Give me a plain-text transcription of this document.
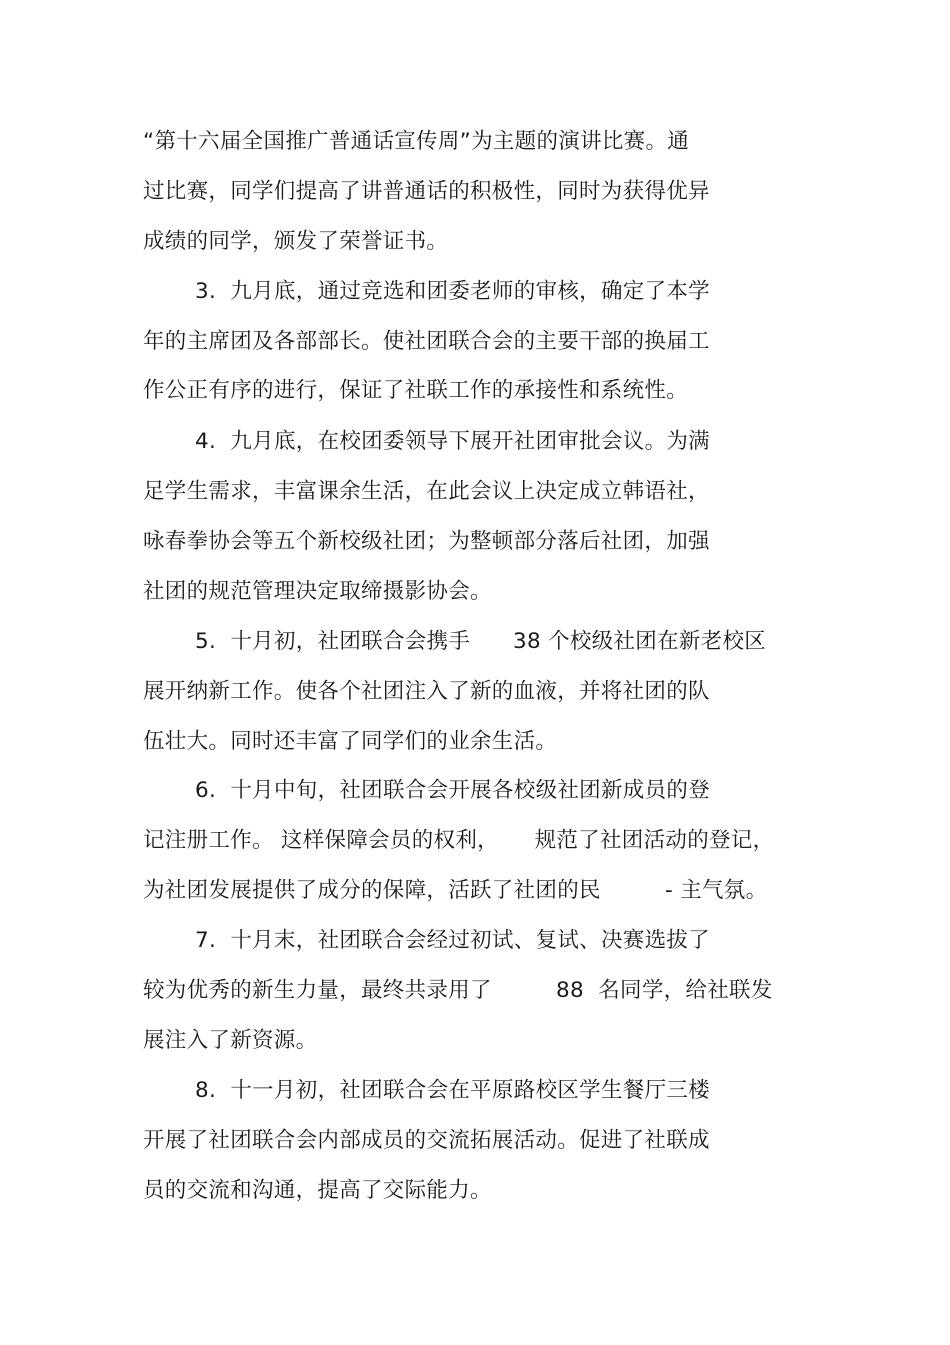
“第十六届全国推广普通话宣传周”为主题的演讲比赛。通
过比赛，同学们提高了讲普通话的积极性，同时为获得优异
成绩的同学，颁发了荣誉证书。
3.  九月底，通过竞选和团委老师的审核，确定了本学
年的主席团及各部部长。使社团联合会的主要干部的换届工
作公正有序的进行，保证了社联工作的承接性和系统性。
4.  九月底，在校团委领导下展开社团审批会议。为满
足学生需求，丰富课余生活，在此会议上决定成立韩语社，
咏春拳协会等五个新校级社团；为整顿部分落后社团，加强
社团的规范管理决定取缔摄影协会。
5.  十月初，社团联合会携手      38 个校级社团在新老校区
展开纳新工作。使各个社团注入了新的血液，并将社团的队
伍壮大。同时还丰富了同学们的业余生活。
6.  十月中旬，社团联合会开展各校级社团新成员的登
记注册工作。 这样保障会员的权利，     规范了社团活动的登记，
为社团发展提供了成分的保障，活跃了社团的民         - 主气氛。
7.  十月末，社团联合会经过初试、复试、决赛选拔了
较为优秀的新生力量，最终共录用了         88  名同学，给社联发
展注入了新资源。
8.  十一月初，社团联合会在平原路校区学生餐厅三楼
开展了社团联合会内部成员的交流拓展活动。促进了社联成
员的交流和沟通，提高了交际能力。
